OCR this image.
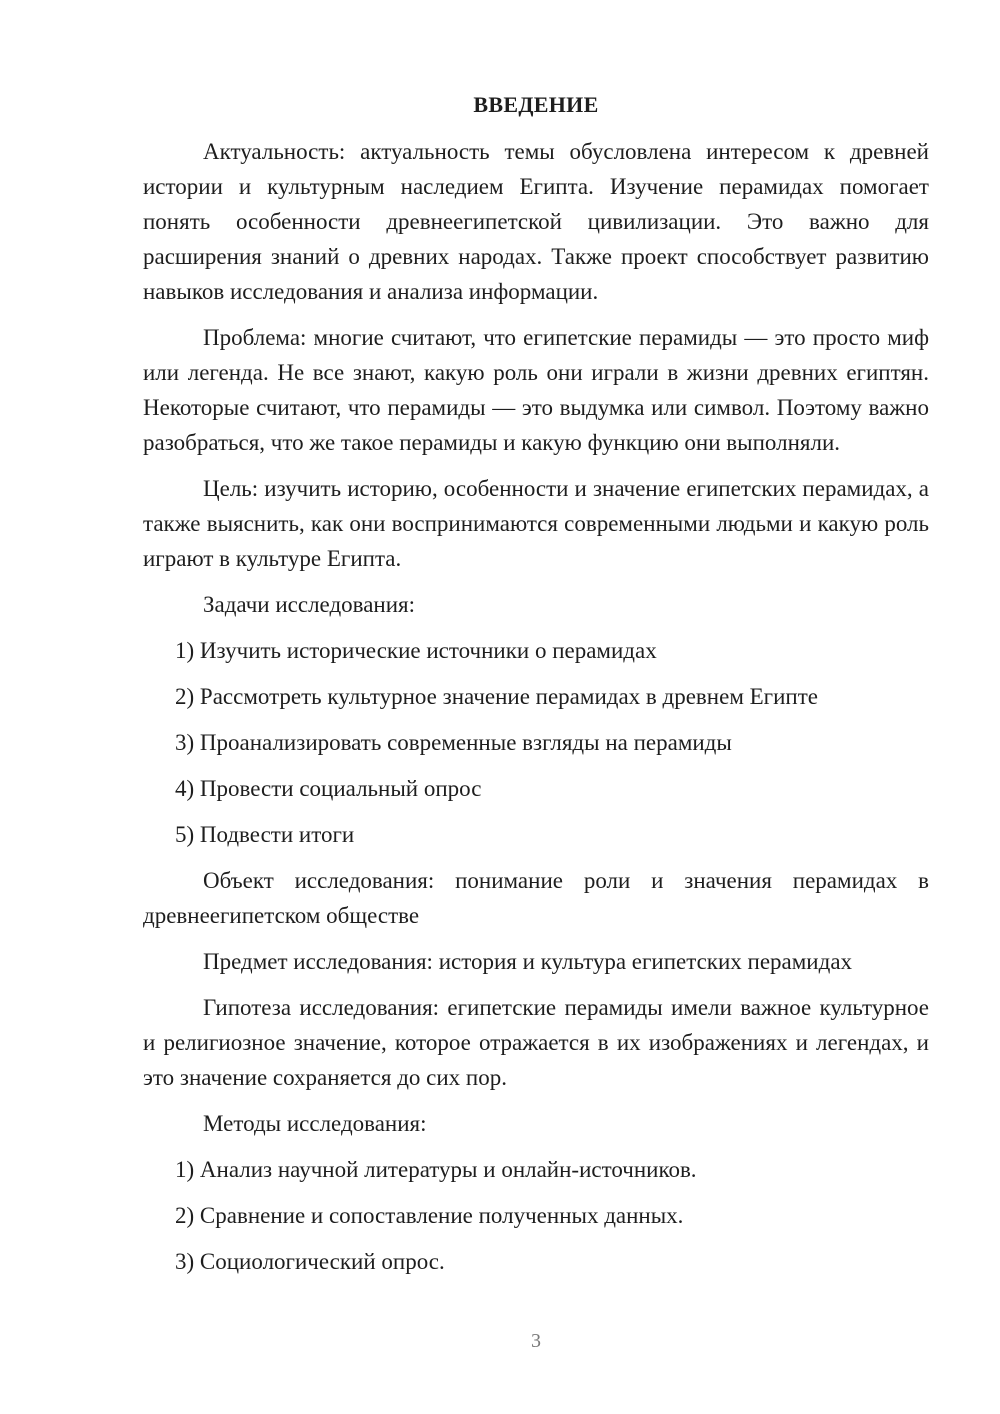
ВВЕДЕНИЕ
Актуальность: актуальность темы обусловлена интересом к древней истории и культурным наследием Египта. Изучение перамидах помогает понять особенности древнеегипетской цивилизации. Это важно для расширения знаний о древних народах. Также проект способствует развитию навыков исследования и анализа информации.
Проблема: многие считают, что египетские перамиды — это просто миф или легенда. Не все знают, какую роль они играли в жизни древних египтян. Некоторые считают, что перамиды — это выдумка или символ. Поэтому важно разобраться, что же такое перамиды и какую функцию они выполняли.
Цель: изучить историю, особенности и значение египетских перамидах, а также выяснить, как они воспринимаются современными людьми и какую роль играют в культуре Египта.
Задачи исследования:
1) Изучить исторические источники о перамидах
2) Рассмотреть культурное значение перамидах в древнем Египте
3) Проанализировать современные взгляды на перамиды
4) Провести социальный опрос
5) Подвести итоги
Объект исследования: понимание роли и значения перамидах в древнеегипетском обществе
Предмет исследования: история и культура египетских перамидах
Гипотеза исследования: египетские перамиды имели важное культурное и религиозное значение, которое отражается в их изображениях и легендах, и это значение сохраняется до сих пор.
Методы исследования:
1) Анализ научной литературы и онлайн-источников.
2) Сравнение и сопоставление полученных данных.
3) Социологический опрос.
3
